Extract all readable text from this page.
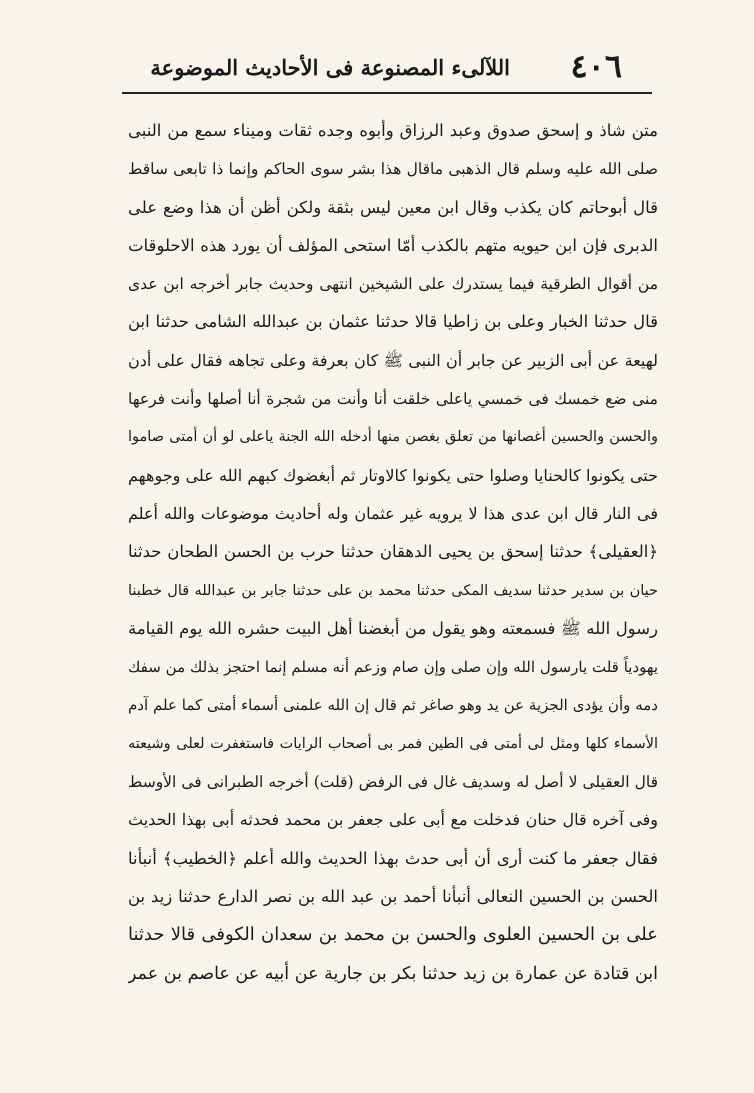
٤٠٦
اللآلىء المصنوعة فى الأحاديث الموضوعة
متن شاذ و إسحق صدوق وعبد الرزاق وأبوه وجده ثقات وميناء سمع من النبى
صلى الله عليه وسلم قال الذهبى ماقال هذا بشر سوى الحاكم وإنما ذا تابعى ساقط
قال أبوحاتم كان يكذب وقال ابن معين ليس بثقة ولكن أظن أن هذا وضع على
الدبرى فإن ابن حيويه متهم بالكذب أمّا استحى المؤلف أن يورد هذه الاحلوقات
من أقوال الطرقية فيما يستدرك على الشيخين انتهى وحديث جابر أخرجه ابن عدى
قال حدثنا الخبار وعلى بن زاطيا قالا حدثنا عثمان بن عبدالله الشامى حدثنا ابن
لهيعة عن أبى الزبير عن جابر أن النبى ﷺ كان بعرفة وعلى تجاهه فقال على أدن
منى ضع خمسك فى خمسي ياعلى خلقت أنا وأنت من شجرة أنا أصلها وأنت فرعها
والحسن والحسين أغصانها من تعلق بغصن منها أدخله الله الجنة ياعلى لو أن أمتى صاموا
حتى يكونوا كالحنايا وصلوا حتى يكونوا كالاوتار ثم أبغضوك كبهم الله على وجوههم
فى النار قال ابن عدى هذا لا يرويه غير عثمان وله أحاديث موضوعات والله أعلم
﴿العقيلى﴾ حدثنا إسحق بن يحيى الدهقان حدثنا حرب بن الحسن الطحان حدثنا
حيان بن سدير حدثنا سديف المكى حدثنا محمد بن على حدثنا جابر بن عبدالله قال خطبنا
رسول الله ﷺ فسمعته وهو يقول من أبغضنا أهل البيت حشره الله يوم القيامة
يهودياً قلت يارسول الله وإن صلى وإن صام وزعم أنه مسلم إنما احتجز بذلك من سفك
دمه وأن يؤدى الجزية عن يد وهو صاغر ثم قال إن الله علمنى أسماء أمتى كما علم آدم
الأسماء كلها ومثل لى أمتى فى الطين فمر بى أصحاب الرايات فاستغفرت لعلى وشيعته
قال العقيلى لا أصل له وسديف غال فى الرفض (قلت) أخرجه الطبرانى فى الأوسط
وفى آخره قال حنان فدخلت مع أبى على جعفر بن محمد فحدثه أبى بهذا الحديث
فقال جعفر ما كنت أرى أن أبى حدث بهذا الحديث والله أعلم ﴿الخطيب﴾ أنبأنا
الحسن بن الحسين النعالى أنبأنا أحمد بن عبد الله بن نصر الدارع حدثنا زيد بن
على بن الحسين العلوى والحسن بن محمد بن سعدان الكوفى قالا حدثنا
ابن قتادة عن عمارة بن زيد حدثنا بكر بن جارية عن أبيه عن عاصم بن عمر
